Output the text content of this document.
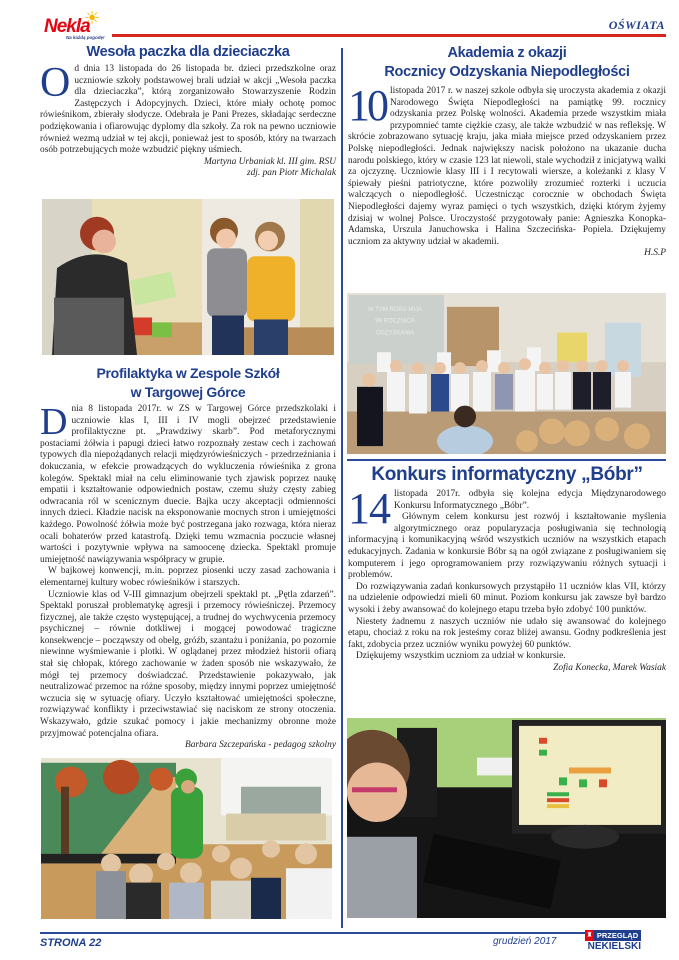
☀
Nekla
Na każdą pogodę!
OŚWIATA
Wesoła paczka dla dzieciaczka
O d dnia 13 listopada do 26 listopada br. dzieci przedszkolne oraz uczniowie szkoły podstawowej brali udział w akcji „Wesoła paczka dla dzieciaczka”, którą zorganizowało Stowarzyszenie Rodzin Zastępczych i Adopcyjnych. Dzieci, które miały ochotę pomoc rówieśnikom, zbierały słodycze. Odebrała je Pani Prezes, składając serdeczne podziękowania i ofiarowując dyplomy dla szkoły. Za rok na pewno uczniowie również wezmą udział w tej akcji, ponieważ jest to sposób, który na twarzach osób potrzebujących może wzbudzić piękny uśmiech.

Martyna Urbaniak kl. III gim. RSU
zdj. pan Piotr Michalak
Akademia z okazji
Rocznicy Odzyskania Niepodległości
10 listopada 2017 r. w naszej szkole odbyła się uroczysta akademia z okazji Narodowego Święta Niepodległości na pamiątkę 99. rocznicy odzyskania przez Polskę wolności. Akademia przede wszystkim miała przypomnieć tamte ciężkie czasy, ale także wzbudzić w nas refleksję. W skrócie zobrazowano sytuację kraju, jaka miała miejsce przed odzyskaniem przez Polskę niepodległości. Jednak największy nacisk położono na ukazanie ducha narodu polskiego, który w czasie 123 lat niewoli, stale wychodził z inicjatywą walki za ojczyznę. Uczniowie klasy III i I recytowali wiersze, a koleżanki z klasy V śpiewały pieśni patriotyczne, które pozwoliły zrozumieć rozterki i uczucia walczących o niepodległość. Uczestnicząc corocznie w obchodach Święta Niepodległości dajemy wyraz pamięci o tych wszystkich, dzięki którym żyjemy dzisiaj w wolnej Polsce. Uroczystość przygotowały panie: Agnieszka Konopka- Adamska, Urszula Januchowska i Halina Szczecińska- Popiela. Dziękujemy uczniom za aktywny udział w akademii.

H.S.P
W TYM ROKU MIJA
99 ROCZNICA
ODZYSKANIA
Profilaktyka w Zespole Szkół
w Targowej Górce
D nia 8 listopada 2017r. w ZS w Targowej Górce przedszkolaki i uczniowie klas I, III i IV mogli obejrzeć przedstawienie profilaktyczne pt. „Prawdziwy skarb”. Pod metaforycznymi postaciami żółwia i papugi dzieci łatwo rozpoznały zestaw cech i zachowań typowych dla niepożądanych relacji międzyrówieśniczych - przedrzeźniania i dokuczania, w efekcie prowadzących do wykluczenia rówieśnika z grona kolegów. Spektakl miał na celu eliminowanie tych zjawisk poprzez naukę empatii i kształtowanie odpowiednich postaw, czemu służy częsty zabieg odwracania ról w scenicznym duecie. Bajka uczy akceptacji odmienności innych dzieci. Kładzie nacisk na eksponowanie mocnych stron i umiejętności każdego. Powolność żółwia może być postrzegana jako rozwaga, która nieraz ocali bohaterów przed katastrofą. Dzięki temu wzmacnia poczucie własnej wartości i pozytywnie wpływa na samoocenę dziecka. Spektakl promuje umiejętność nawiązywania współpracy w grupie.

W bajkowej konwencji, m.in. poprzez piosenki uczy zasad zachowania i elementarnej kultury wobec rówieśników i starszych.

Uczniowie klas od V-III gimnazjum obejrzeli spektakl pt. „Pętla zdarzeń”. Spektakl poruszał problematykę agresji i przemocy rówieśniczej. Przemocy fizycznej, ale także często występującej, a trudnej do wychwycenia przemocy psychicznej – równie dotkliwej i mogącej powodować tragiczne konsekwencje – począwszy od obelg, gróźb, szantażu i poniżania, po pozornie niewinne wyśmiewanie i plotki. W oglądanej przez młodzież historii ofiarą stał się chłopak, którego zachowanie w żaden sposób nie wskazywało, że mógł tej przemocy doświadczać. Przedstawienie pokazywało, jak neutralizować przemoc na różne sposoby, między innymi poprzez umiejętność wczucia się w sytuację ofiary. Uczyło kształtować umiejętności społeczne, rozwiązywać konflikty i przeciwstawiać się naciskom ze strony otoczenia. Wskazywało, gdzie szukać pomocy i jakie mechanizmy obronne może przyjmować potencjalna ofiara.

Barbara Szczepańska - pedagog szkolny
Konkurs informatyczny „Bóbr”
14 listopada 2017r. odbyła się kolejna edycja Międzynarodowego Konkursu Informatycznego „Bóbr”.

Głównym celem konkursu jest rozwój i kształtowanie myślenia algorytmicznego oraz popularyzacja posługiwania się technologią informacyjną i komunikacyjną wśród wszystkich uczniów na wszystkich etapach edukacyjnych. Zadania w konkursie Bóbr są na ogół związane z posługiwaniem się komputerem i jego oprogramowaniem przy rozwiązywaniu różnych sytuacji i problemów.

Do rozwiązywania zadań konkursowych przystąpiło 11 uczniów klas VII, którzy na udzielenie odpowiedzi mieli 60 minut. Poziom konkursu jak zawsze był bardzo wysoki i żeby awansować do kolejnego etapu trzeba było zdobyć 100 punktów.

Niestety żadnemu z naszych uczniów nie udało się awansować do kolejnego etapu, chociaż z roku na rok jesteśmy coraz bliżej awansu. Godny podkreślenia jest fakt, zdobycia przez uczniów wyniku powyżej 60 punktów.

Dziękujemy wszystkim uczniom za udział w konkursie.

Zofia Konecka, Marek Wasiak
STRONA 22	grudzień 2017
♜ PRZEGLĄD
NEKIELSKI
